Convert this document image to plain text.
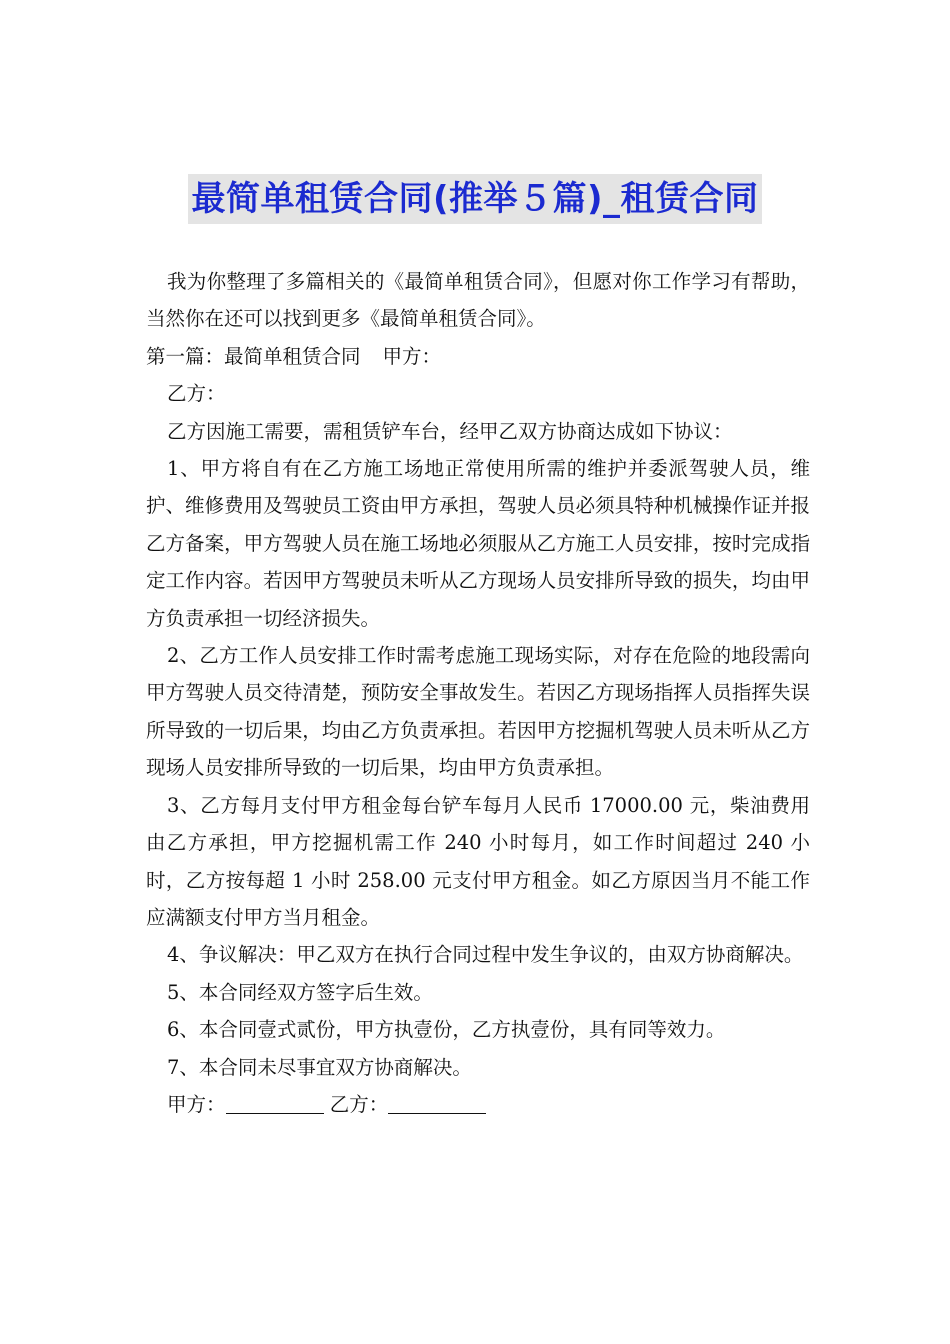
最简单租赁合同(推举５篇)_租赁合同

我为你整理了多篇相关的《最简单租赁合同》，但愿对你工作学习有帮助，当然你在还可以找到更多《最简单租赁合同》。

第一篇：最简单租赁合同 甲方：

乙方：

乙方因施工需要，需租赁铲车台，经甲乙双方协商达成如下协议：

1、甲方将自有在乙方施工场地正常使用所需的维护并委派驾驶人员，维护、维修费用及驾驶员工资由甲方承担，驾驶人员必须具特种机械操作证并报乙方备案，甲方驾驶人员在施工场地必须服从乙方施工人员安排，按时完成指定工作内容。若因甲方驾驶员未听从乙方现场人员安排所导致的损失，均由甲方负责承担一切经济损失。

2、乙方工作人员安排工作时需考虑施工现场实际，对存在危险的地段需向甲方驾驶人员交待清楚，预防安全事故发生。若因乙方现场指挥人员指挥失误所导致的一切后果，均由乙方负责承担。若因甲方挖掘机驾驶人员未听从乙方现场人员安排所导致的一切后果，均由甲方负责承担。

3、乙方每月支付甲方租金每台铲车每月人民币 17000.00 元，柴油费用由乙方承担，甲方挖掘机需工作 240 小时每月，如工作时间超过 240 小时，乙方按每超 1 小时 258.00 元支付甲方租金。如乙方原因当月不能工作应满额支付甲方当月租金。

4、争议解决：甲乙双方在执行合同过程中发生争议的，由双方协商解决。

5、本合同经双方签字后生效。

6、本合同壹式贰份，甲方执壹份，乙方执壹份，具有同等效力。

7、本合同未尽事宜双方协商解决。

甲方：	乙方：
